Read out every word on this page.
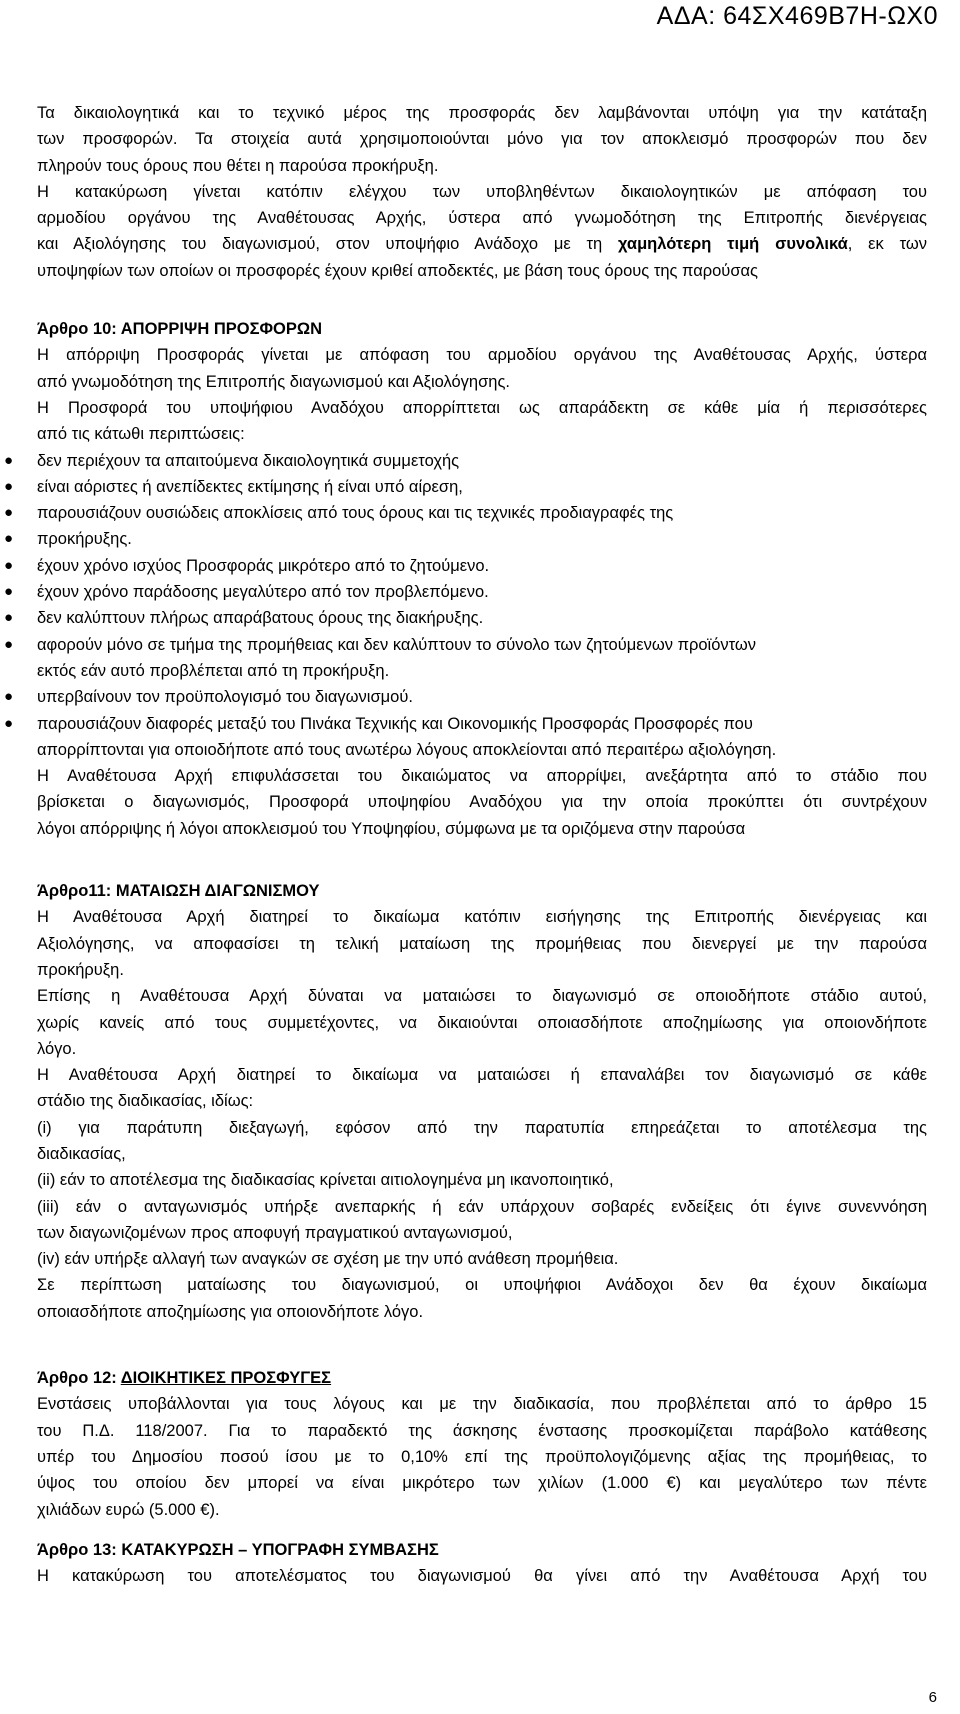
ΑΔΑ: 64ΣΧ469Β7Η-ΩΧ0

Τα δικαιολογητικά και το τεχνικό μέρος της προσφοράς δεν λαμβάνονται υπόψη για την κατάταξη

των προσφορών. Τα στοιχεία αυτά χρησιμοποιούνται μόνο για τον αποκλεισμό προσφορών που δεν

πληρούν τους όρους που θέτει η παρούσα προκήρυξη.

Η κατακύρωση γίνεται κατόπιν ελέγχου των υποβληθέντων δικαιολογητικών με απόφαση του

αρμοδίου οργάνου της Αναθέτουσας Αρχής, ύστερα από γνωμοδότηση της Επιτροπής διενέργειας

και Αξιολόγησης του διαγωνισμού, στον υποψήφιο Ανάδοχο με τη χαμηλότερη τιμή συνολικά, εκ των

υποψηφίων των οποίων οι προσφορές έχουν κριθεί αποδεκτές, με βάση τους όρους της παρούσας

Άρθρο 10: ΑΠΟΡΡΙΨΗ ΠΡΟΣΦΟΡΩΝ

Η απόρριψη Προσφοράς γίνεται με απόφαση του αρμοδίου οργάνου της Αναθέτουσας Αρχής, ύστερα

από γνωμοδότηση της Επιτροπής διαγωνισμού και Αξιολόγησης.

Η Προσφορά του υποψήφιου Αναδόχου απορρίπτεται ως απαράδεκτη σε κάθε μία ή περισσότερες

από τις κάτωθι περιπτώσεις:

● δεν περιέχουν τα απαιτούμενα δικαιολογητικά συμμετοχής
● είναι αόριστες ή ανεπίδεκτες εκτίμησης ή είναι υπό αίρεση,
● παρουσιάζουν ουσιώδεις αποκλίσεις από τους όρους και τις τεχνικές προδιαγραφές της
● προκήρυξης.
● έχουν χρόνο ισχύος Προσφοράς μικρότερο από το ζητούμενο.
● έχουν χρόνο παράδοσης μεγαλύτερο από τον προβλεπόμενο.
● δεν καλύπτουν πλήρως απαράβατους όρους της διακήρυξης.
● αφορούν μόνο σε τμήμα της προμήθειας και δεν καλύπτουν το σύνολο των ζητούμενων προϊόντων
εκτός εάν αυτό προβλέπεται από τη προκήρυξη.
● υπερβαίνουν τον προϋπολογισμό του διαγωνισμού.
● παρουσιάζουν διαφορές μεταξύ του Πινάκα Τεχνικής και Οικονομικής Προσφοράς Προσφορές που
απορρίπτονται για οποιοδήποτε από τους ανωτέρω λόγους αποκλείονται από περαιτέρω αξιολόγηση.

Η Αναθέτουσα Αρχή επιφυλάσσεται του δικαιώματος να απορρίψει, ανεξάρτητα από το στάδιο που

βρίσκεται ο διαγωνισμός, Προσφορά υποψηφίου Αναδόχου για την οποία προκύπτει ότι συντρέχουν

λόγοι απόρριψης ή λόγοι αποκλεισμού του Υποψηφίου, σύμφωνα με τα οριζόμενα στην παρούσα

Άρθρο11: ΜΑΤΑΙΩΣΗ ΔΙΑΓΩΝΙΣΜΟΥ

Η Αναθέτουσα Αρχή διατηρεί το δικαίωμα κατόπιν εισήγησης της Επιτροπής διενέργειας και

Αξιολόγησης, να αποφασίσει τη τελική ματαίωση της προμήθειας που διενεργεί με την παρούσα

προκήρυξη.

Επίσης η Αναθέτουσα Αρχή δύναται να ματαιώσει το διαγωνισμό σε οποιοδήποτε στάδιο αυτού,

χωρίς κανείς από τους συμμετέχοντες, να δικαιούνται οποιασδήποτε αποζημίωσης για οποιονδήποτε

λόγο.

Η Αναθέτουσα Αρχή διατηρεί το δικαίωμα να ματαιώσει ή επαναλάβει τον διαγωνισμό σε κάθε

στάδιο της διαδικασίας, ιδίως:

(i) για παράτυπη διεξαγωγή, εφόσον από την παρατυπία επηρεάζεται το αποτέλεσμα της

διαδικασίας,

(ii) εάν το αποτέλεσμα της διαδικασίας κρίνεται αιτιολογημένα μη ικανοποιητικό,

(iii) εάν ο ανταγωνισμός υπήρξε ανεπαρκής ή εάν υπάρχουν σοβαρές ενδείξεις ότι έγινε συνεννόηση

των διαγωνιζομένων προς αποφυγή πραγματικού ανταγωνισμού,

(iv) εάν υπήρξε αλλαγή των αναγκών σε σχέση με την υπό ανάθεση προμήθεια.

Σε περίπτωση ματαίωσης του διαγωνισμού, οι υποψήφιοι Ανάδοχοι δεν θα έχουν δικαίωμα

οποιασδήποτε αποζημίωσης για οποιονδήποτε λόγο.

Άρθρο 12: ΔΙΟΙΚΗΤΙΚΕΣ ΠΡΟΣΦΥΓΕΣ

Ενστάσεις υποβάλλονται για τους λόγους και με την διαδικασία, που προβλέπεται από το άρθρο 15

του Π.Δ. 118/2007. Για το παραδεκτό της άσκησης ένστασης προσκομίζεται παράβολο κατάθεσης

υπέρ του Δημοσίου ποσού ίσου με το 0,10% επί της προϋπολογιζόμενης αξίας της προμήθειας, το

ύψος του οποίου δεν μπορεί να είναι μικρότερο των χιλίων (1.000 €) και μεγαλύτερο των πέντε

χιλιάδων ευρώ (5.000 €).

Άρθρο 13: ΚΑΤΑΚΥΡΩΣΗ – ΥΠΟΓΡΑΦΗ ΣΥΜΒΑΣΗΣ

Η κατακύρωση του αποτελέσματος του διαγωνισμού θα γίνει από την Αναθέτουσα Αρχή του

6
